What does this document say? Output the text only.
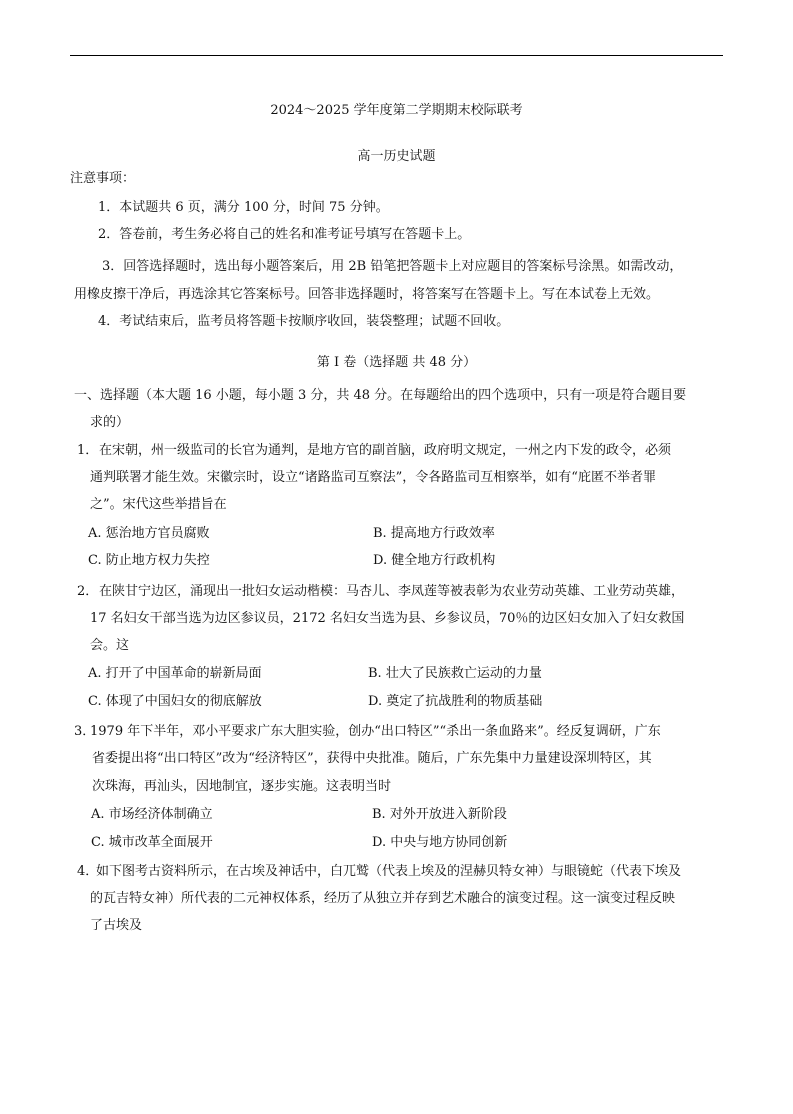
2024～2025 学年度第二学期期末校际联考
高一历史试题
注意事项：
1．本试题共 6 页，满分 100 分，时间 75 分钟。
2．答卷前，考生务必将自己的姓名和准考证号填写在答题卡上。
3．回答选择题时，选出每小题答案后，用 2B 铅笔把答题卡上对应题目的答案标号涂黑。如需改动，
用橡皮擦干净后，再选涂其它答案标号。回答非选择题时，将答案写在答题卡上。写在本试卷上无效。
4．考试结束后，监考员将答题卡按顺序收回，装袋整理；试题不回收。
第 Ⅰ 卷（选择题 共 48 分）
一、选择题（本大题 16 小题，每小题 3 分，共 48 分。在每题给出的四个选项中，只有一项是符合题目要
求的）
1． 在宋朝，州一级监司的长官为通判，是地方官的副首脑，政府明文规定，一州之内下发的政令，必须
通判联署才能生效。宋徽宗时，设立“诸路监司互察法”，令各路监司互相察举，如有“庇匿不举者罪
之”。宋代这些举措旨在
A. 惩治地方官员腐败	B. 提高地方行政效率
C. 防止地方权力失控	D. 健全地方行政机构
2． 在陕甘宁边区，涌现出一批妇女运动楷模：马杏儿、李凤莲等被表彰为农业劳动英雄、工业劳动英雄，
17 名妇女干部当选为边区参议员，2172 名妇女当选为县、乡参议员，70％的边区妇女加入了妇女救国
会。这
A. 打开了中国革命的崭新局面	B. 壮大了民族救亡运动的力量
C. 体现了中国妇女的彻底解放	D. 奠定了抗战胜利的物质基础
3．
1979 年下半年，邓小平要求广东大胆实验，创办“出口特区”“杀出一条血路来”。经反复调研，广东
省委提出将“出口特区”改为“经济特区”，获得中央批准。随后，广东先集中力量建设深圳特区，其
次珠海，再汕头，因地制宜，逐步实施。这表明当时
A. 市场经济体制确立	B. 对外开放进入新阶段
C. 城市改革全面展开	D. 中央与地方协同创新
4．
如下图考古资料所示，在古埃及神话中，白兀鹫（代表上埃及的涅赫贝特女神）与眼镜蛇（代表下埃及
的瓦吉特女神）所代表的二元神权体系，经历了从独立并存到艺术融合的演变过程。这一演变过程反映
了古埃及
